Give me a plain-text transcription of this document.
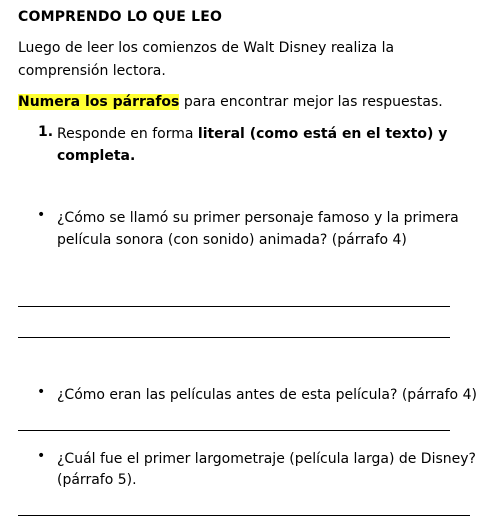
COMPRENDO LO QUE LEO
Luego de leer los comienzos de Walt Disney realiza la
comprensión lectora.
Numera los párrafos para encontrar mejor las respuestas.
1. Responde en forma literal (como está en el texto) y
completa.
• ¿Cómo se llamó su primer personaje famoso y la primera
película sonora (con sonido) animada? (párrafo 4)
• ¿Cómo eran las películas antes de esta película? (párrafo 4)
• ¿Cuál fue el primer largometraje (película larga) de Disney?
(párrafo 5).
